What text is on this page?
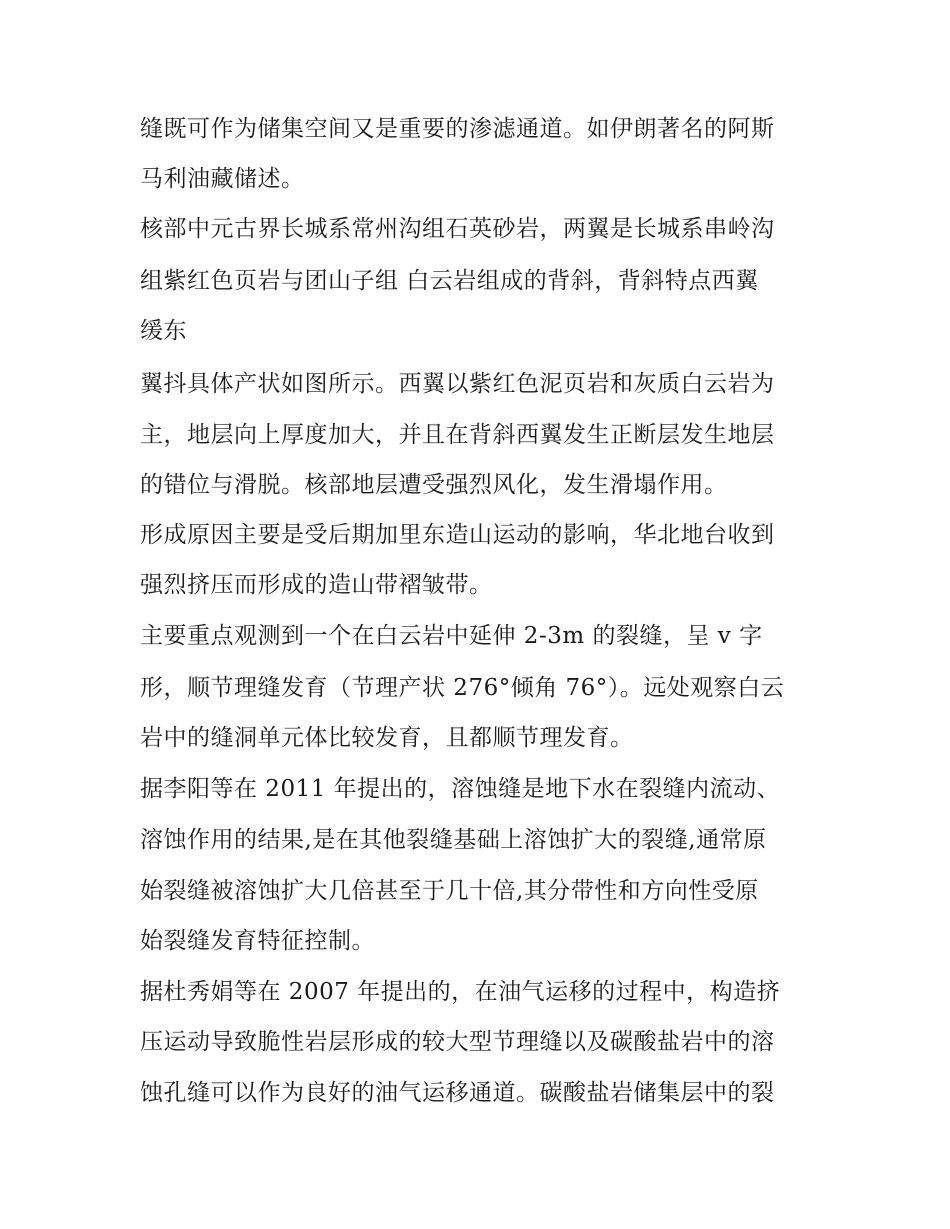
缝既可作为储集空间又是重要的渗滤通道。如伊朗著名的阿斯
马利油藏储述。
核部中元古界长城系常州沟组石英砂岩，两翼是长城系串岭沟
组紫红色页岩与团山子组 白云岩组成的背斜，背斜特点西翼
缓东
翼抖具体产状如图所示。西翼以紫红色泥页岩和灰质白云岩为
主，地层向上厚度加大，并且在背斜西翼发生正断层发生地层
的错位与滑脱。核部地层遭受强烈风化，发生滑塌作用。
形成原因主要是受后期加里东造山运动的影响，华北地台收到
强烈挤压而形成的造山带褶皱带。
主要重点观测到一个在白云岩中延伸 2-3m 的裂缝，呈 v 字
形，顺节理缝发育（节理产状 276°倾角 76°）。远处观察白云
岩中的缝洞单元体比较发育，且都顺节理发育。
据李阳等在 2011 年提出的，溶蚀缝是地下水在裂缝内流动、
溶蚀作用的结果,是在其他裂缝基础上溶蚀扩大的裂缝,通常原
始裂缝被溶蚀扩大几倍甚至于几十倍,其分带性和方向性受原
始裂缝发育特征控制。
据杜秀娟等在 2007 年提出的，在油气运移的过程中，构造挤
压运动导致脆性岩层形成的较大型节理缝以及碳酸盐岩中的溶
蚀孔缝可以作为良好的油气运移通道。碳酸盐岩储集层中的裂
